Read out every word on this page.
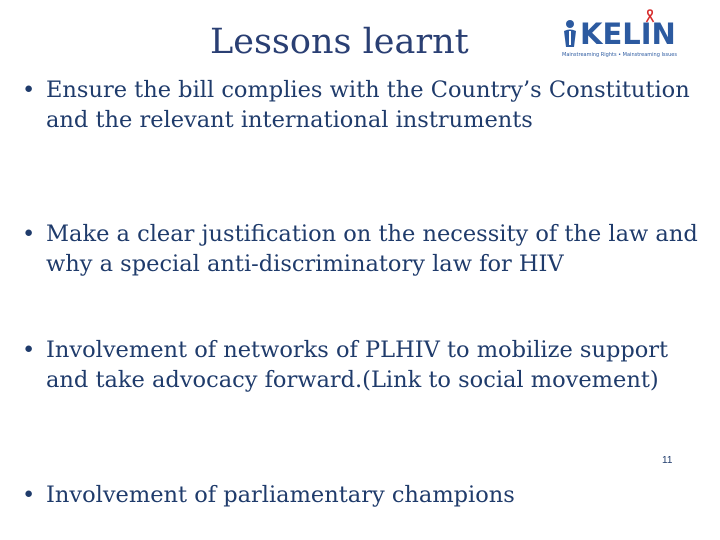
Lessons learnt	KELIN
Mainstreaming Rights • Mainstreaming Issues
• Ensure the bill complies with the Country’s Constitution and the relevant international instruments
• Make a clear justification on the necessity of the law and why a special anti-discriminatory law for HIV
• Involvement of networks of PLHIV to mobilize support and take advocacy forward.(Link to social movement)
• Involvement of parliamentary champions
11
